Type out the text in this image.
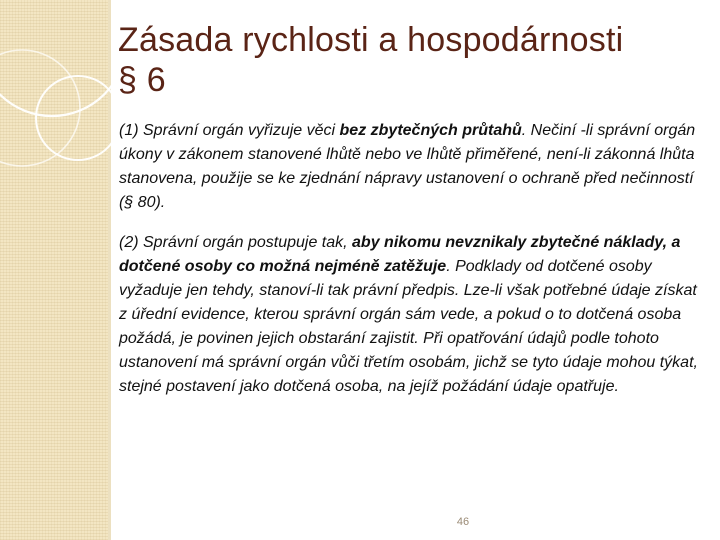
Zásada rychlosti a hospodárnosti
§ 6

(1) Správní orgán vyřizuje věci bez zbytečných průtahů. Nečiní -li správní orgán úkony v zákonem stanovené lhůtě nebo ve lhůtě přiměřené, není-li zákonná lhůta stanovena, použije se ke zjednání nápravy ustanovení o ochraně před nečinností (§ 80).

(2) Správní orgán postupuje tak, aby nikomu nevznikaly zbytečné náklady, a dotčené osoby co možná nejméně zatěžuje. Podklady od dotčené osoby vyžaduje jen tehdy, stanoví-li tak právní předpis. Lze-li však potřebné údaje získat z úřední evidence, kterou správní orgán sám vede, a pokud o to dotčená osoba požádá, je povinen jejich obstarání zajistit. Při opatřování údajů podle tohoto ustanovení má správní orgán vůči třetím osobám, jichž se tyto údaje mohou týkat, stejné postavení jako dotčená osoba, na jejíž požádání údaje opatřuje.

46
